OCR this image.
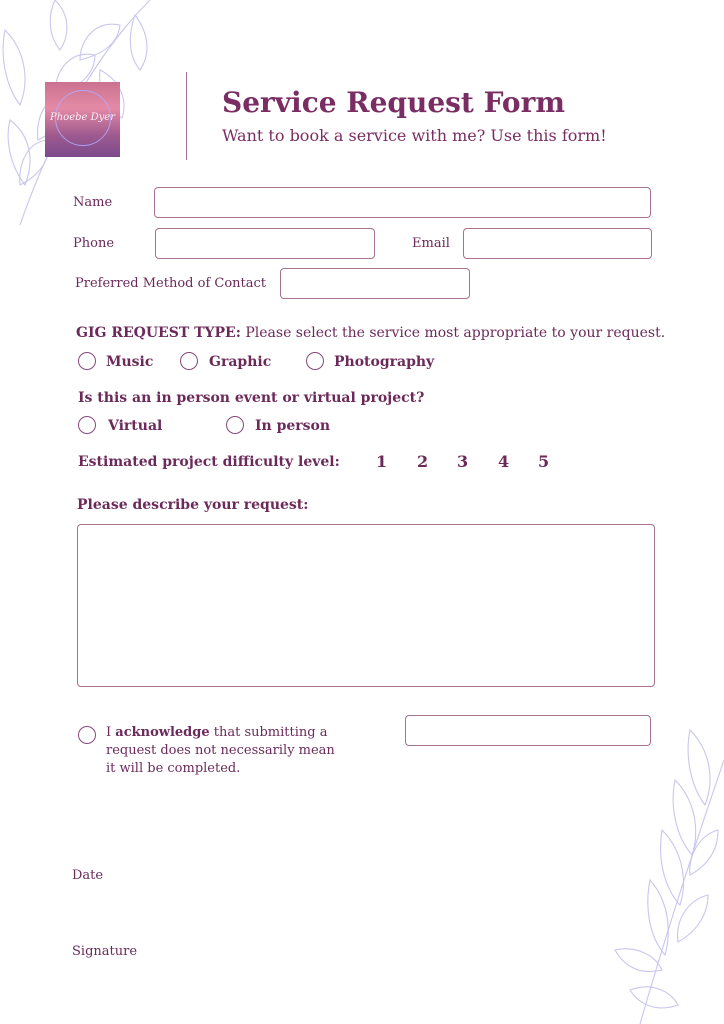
Phoebe Dyer	Service Request Form
Want to book a service with me? Use this form!
Name
Phone	Email
Preferred Method of Contact
GIG REQUEST TYPE: Please select the service most appropriate to your request.
Music	Graphic	Photography
Is this an in person event or virtual project?
Virtual	In person
Estimated project difficulty level: 1 2 3 4 5
Please describe your request:
I acknowledge that submitting a request does not necessarily mean it will be completed.
Date
Signature
